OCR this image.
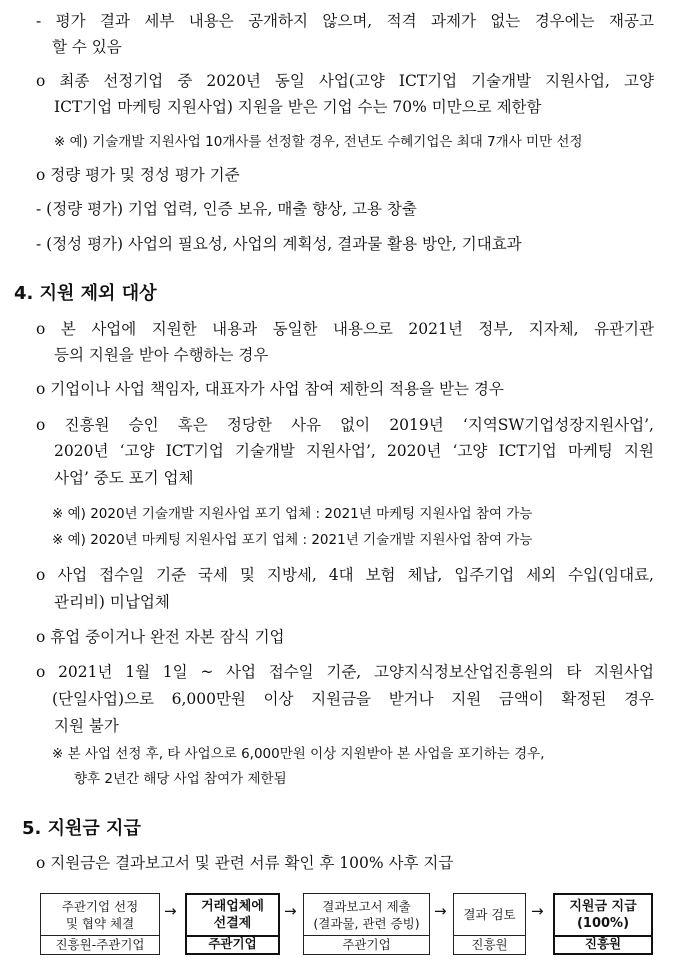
- 평가 결과 세부 내용은 공개하지 않으며, 적격 과제가 없는 경우에는 재공고
할 수 있음
o 최종 선정기업 중 2020년 동일 사업(고양 ICT기업 기술개발 지원사업, 고양
ICT기업 마케팅 지원사업) 지원을 받은 기업 수는 70% 미만으로 제한함
※ 예) 기술개발 지원사업 10개사를 선정할 경우, 전년도 수혜기업은 최대 7개사 미만 선정
o 정량 평가 및 정성 평가 기준
- (정량 평가) 기업 업력, 인증 보유, 매출 향상, 고용 창출
- (정성 평가) 사업의 필요성, 사업의 계획성, 결과물 활용 방안, 기대효과
4. 지원 제외 대상
o 본 사업에 지원한 내용과 동일한 내용으로 2021년 정부, 지자체, 유관기관
등의 지원을 받아 수행하는 경우
o 기업이나 사업 책임자, 대표자가 사업 참여 제한의 적용을 받는 경우
o 진흥원 승인 혹은 정당한 사유 없이 2019년 ‘지역SW기업성장지원사업’,
2020년 ‘고양 ICT기업 기술개발 지원사업’, 2020년 ‘고양 ICT기업 마케팅 지원
사업’ 중도 포기 업체
※ 예) 2020년 기술개발 지원사업 포기 업체 : 2021년 마케팅 지원사업 참여 가능
※ 예) 2020년 마케팅 지원사업 포기 업체 : 2021년 기술개발 지원사업 참여 가능
o 사업 접수일 기준 국세 및 지방세, 4대 보험 체납, 입주기업 세외 수입(임대료,
관리비) 미납업체
o 휴업 중이거나 완전 자본 잠식 기업
o 2021년 1월 1일 ~ 사업 접수일 기준, 고양지식정보산업진흥원의 타 지원사업
(단일사업)으로 6,000만원 이상 지원금을 받거나 지원 금액이 확정된 경우
지원 불가
※ 본 사업 선정 후, 타 사업으로 6,000만원 이상 지원받아 본 사업을 포기하는 경우,
향후 2년간 해당 사업 참여가 제한됨
5. 지원금 지급
o 지원금은 결과보고서 및 관련 서류 확인 후 100% 사후 지급
주관기업 선정
및 협약 체결
진흥원-주관기업
→ 거래업체에
선결제
주관기업
→ 결과보고서 제출
(결과물, 관련 증빙)
주관기업
→ 결과 검토
진흥원
→ 지원금 지급
(100%)
진흥원
